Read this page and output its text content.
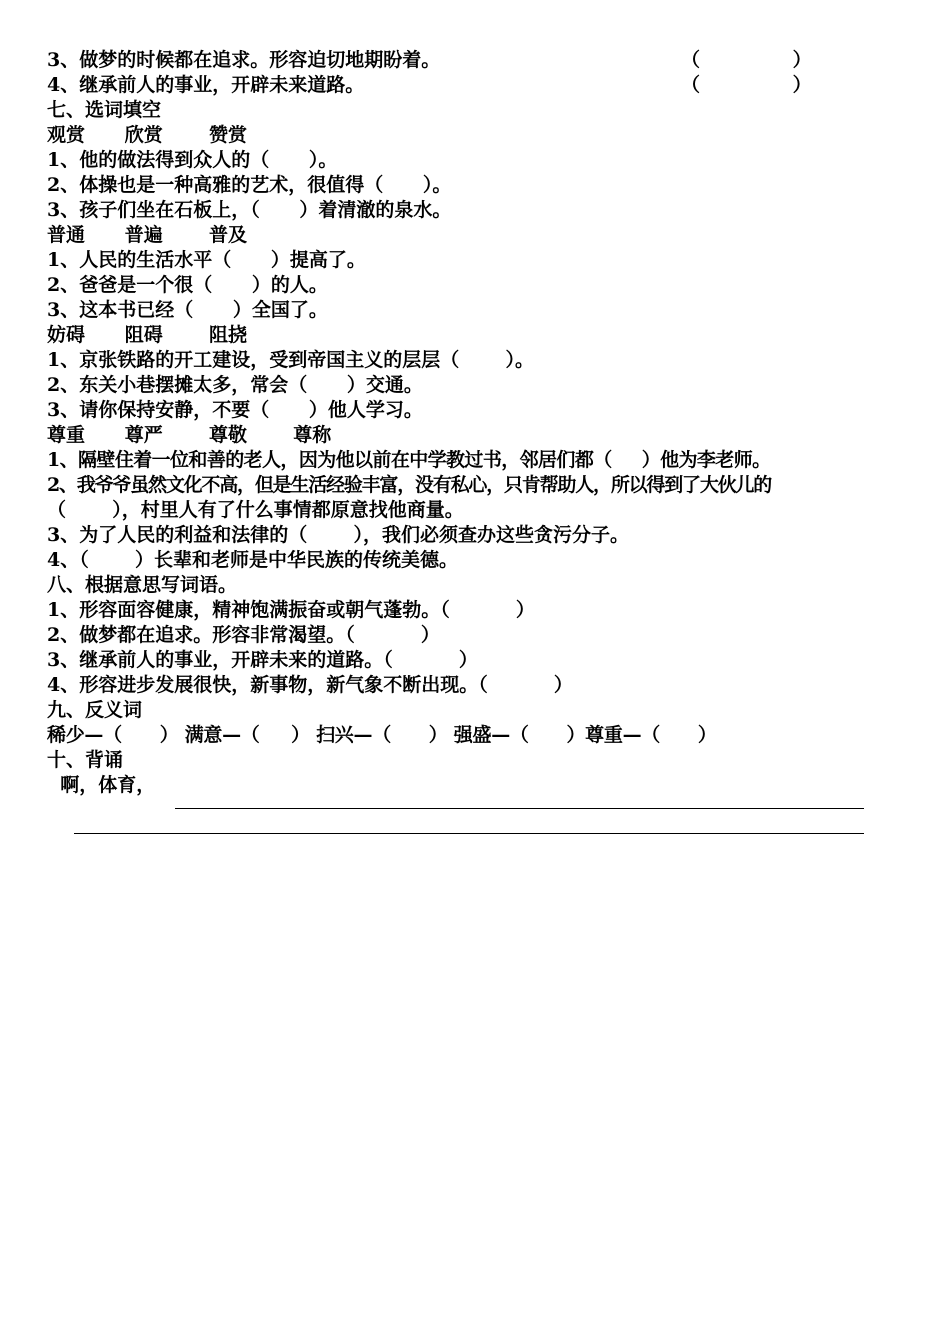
3、做梦的时候都在追求。形容迫切地期盼着。	（              ）
4、继承前人的事业，开辟未来道路。	（              ）
七、选词填空
观赏      欣赏       赞赏
1、他的做法得到众人的（      ）。
2、体操也是一种高雅的艺术，很值得（      ）。
3、孩子们坐在石板上，（      ）着清澈的泉水。
普通      普遍       普及
1、人民的生活水平（      ）提高了。
2、爸爸是一个很（      ）的人。
3、这本书已经（      ）全国了。
妨碍      阻碍       阻挠
1、京张铁路的开工建设，受到帝国主义的层层（       ）。
2、东关小巷摆摊太多，常会（      ）交通。
3、请你保持安静，不要（      ）他人学习。
尊重      尊严       尊敬       尊称
1、隔壁住着一位和善的老人，因为他以前在中学教过书，邻居们都（     ）他为李老师。
2、我爷爷虽然文化不高，但是生活经验丰富，没有私心，只肯帮助人，所以得到了大伙儿的
（       ），村里人有了什么事情都原意找他商量。
3、为了人民的利益和法律的（       ），我们必须查办这些贪污分子。
4、（       ）长辈和老师是中华民族的传统美德。
八、根据意思写词语。
1、形容面容健康，精神饱满振奋或朝气蓬勃。（          ）
2、做梦都在追求。形容非常渴望。（          ）
3、继承前人的事业，开辟未来的道路。（          ）
4、形容进步发展很快，新事物，新气象不断出现。（          ）
九、反义词
稀少—（      ） 满意—（     ） 扫兴—（      ） 强盛—（      ）尊重—（      ）
十、背诵
啊，体育，
